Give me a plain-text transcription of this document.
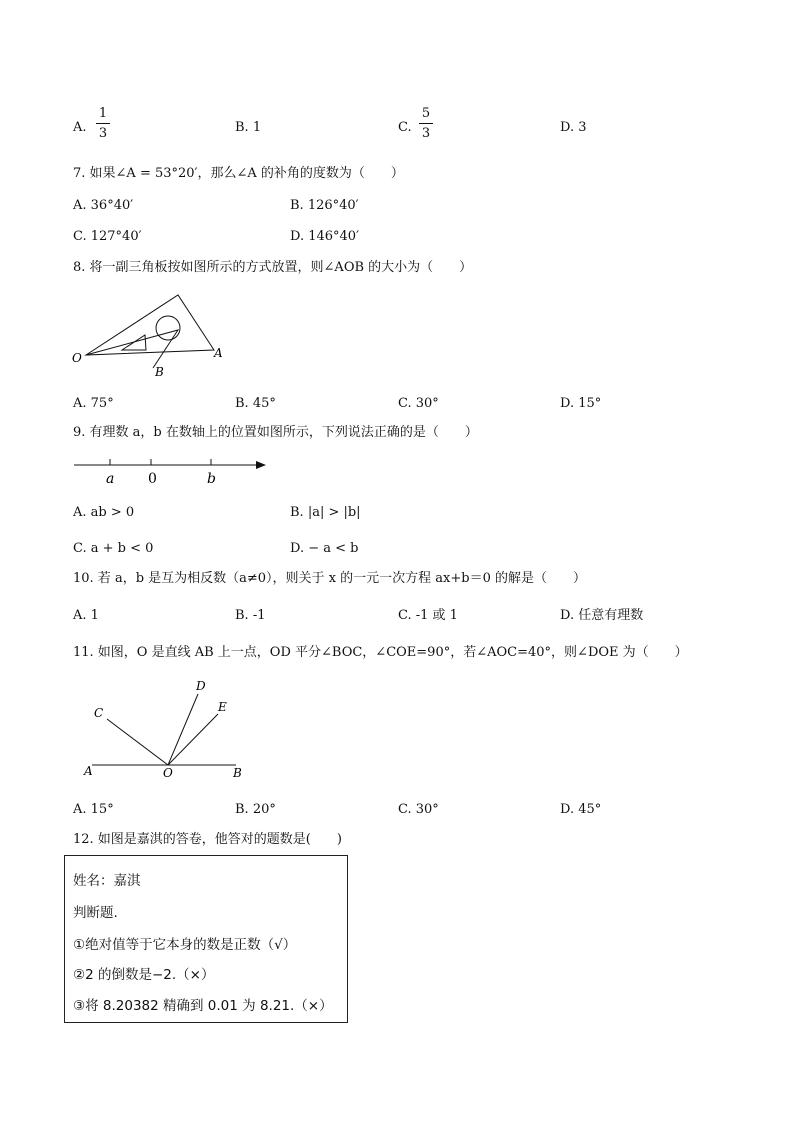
A. $\frac{1}{3}$	B. 1	C. $\frac{5}{3}$	D. 3
7. 如果∠A = 53°20′，那么∠A 的补角的度数为（　　）
A. 36°40′	B. 126°40′
C. 127°40′	D. 146°40′
8. 将一副三角板按如图所示的方式放置，则∠AOB 的大小为（　　）
O	A
B
A. 75°	B. 45°	C. 30°	D. 15°
9. 有理数 a，b 在数轴上的位置如图所示，下列说法正确的是（　　）
a 0	b
A. ab > 0	B. |a| > |b|
C. a + b < 0	D. − a < b
10. 若 a，b 是互为相反数（a≠0），则关于 x 的一元一次方程 ax+b＝0 的解是（　　）
A. 1	B. -1	C. -1 或 1	D. 任意有理数
11. 如图，O 是直线 AB 上一点，OD 平分∠BOC，∠COE=90°，若∠AOC=40°，则∠DOE 为（　　）
A	O	B
C
D
E
A. 15°	B. 20°	C. 30°	D. 45°
12. 如图是嘉淇的答卷，他答对的题数是(　　)
姓名：嘉淇
判断题.
①绝对值等于它本身的数是正数（√）
②2 的倒数是−2.（×）
③将 8.20382 精确到 0.01 为 8.21.（×）
